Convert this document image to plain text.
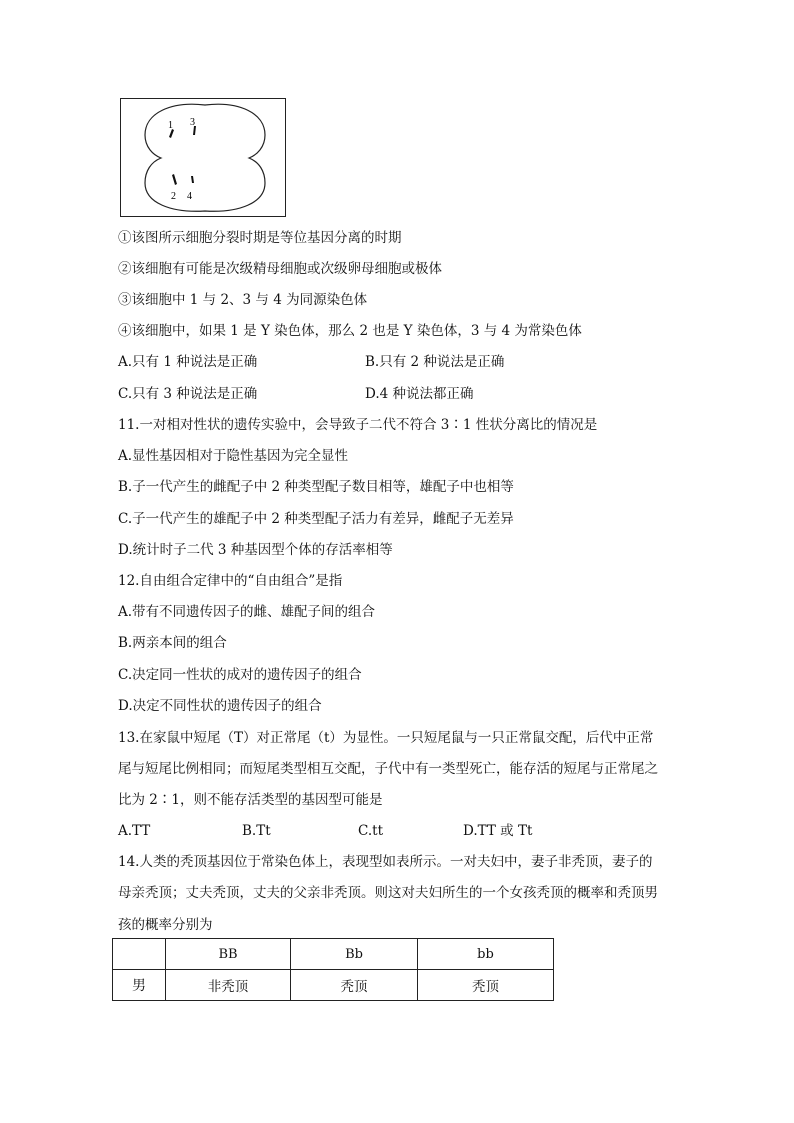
1 3
2 4
①该图所示细胞分裂时期是等位基因分离的时期
②该细胞有可能是次级精母细胞或次级卵母细胞或极体
③该细胞中 1 与 2、3 与 4 为同源染色体
④该细胞中，如果 1 是 Y 染色体，那么 2 也是 Y 染色体，3 与 4 为常染色体
A.只有 1 种说法是正确	B.只有 2 种说法是正确
C.只有 3 种说法是正确	D.4 种说法都正确
11.一对相对性状的遗传实验中，会导致子二代不符合 3∶1 性状分离比的情况是
A.显性基因相对于隐性基因为完全显性
B.子一代产生的雌配子中 2 种类型配子数目相等，雄配子中也相等
C.子一代产生的雄配子中 2 种类型配子活力有差异，雌配子无差异
D.统计时子二代 3 种基因型个体的存活率相等
12.自由组合定律中的“自由组合”是指
A.带有不同遗传因子的雌、雄配子间的组合
B.两亲本间的组合
C.决定同一性状的成对的遗传因子的组合
D.决定不同性状的遗传因子的组合
13.在家鼠中短尾（T）对正常尾（t）为显性。一只短尾鼠与一只正常鼠交配，后代中正常
尾与短尾比例相同；而短尾类型相互交配，子代中有一类型死亡，能存活的短尾与正常尾之
比为 2∶1，则不能存活类型的基因型可能是
A.TT	B.Tt	C.tt	D.TT 或 Tt
14.人类的秃顶基因位于常染色体上，表现型如表所示。一对夫妇中，妻子非秃顶，妻子的
母亲秃顶；丈夫秃顶，丈夫的父亲非秃顶。则这对夫妇所生的一个女孩秃顶的概率和秃顶男
孩的概率分别为
	BB	Bb	bb
男	非秃顶	秃顶	秃顶
